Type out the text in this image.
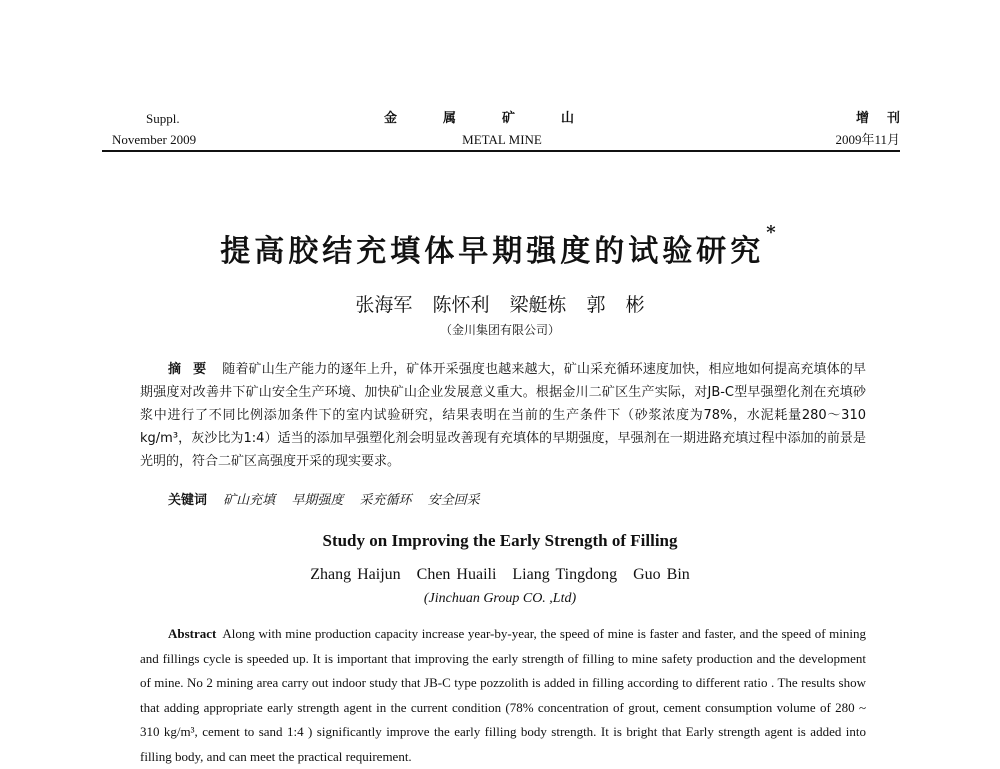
Suppl.
November 2009
金属矿山
METAL MINE
增刊
2009年11月
提高胶结充填体早期强度的试验研究*
张海军 陈怀利 梁艇栋 郭 彬
（金川集团有限公司）
摘要 随着矿山生产能力的逐年上升，矿体开采强度也越来越大，矿山采充循环速度加快，相应地如何提高充填体的早期强度对改善井下矿山安全生产环境、加快矿山企业发展意义重大。根据金川二矿区生产实际，对JB-C型早强塑化剂在充填砂浆中进行了不同比例添加条件下的室内试验研究，结果表明在当前的生产条件下（砂浆浓度为78%，水泥耗量280～310 kg/m³，灰沙比为1:4）适当的添加早强塑化剂会明显改善现有充填体的早期强度，早强剂在一期进路充填过程中添加的前景是光明的，符合二矿区高强度开采的现实要求。
关键词 矿山充填 早期强度 采充循环 安全回采
Study on Improving the Early Strength of Filling
Zhang Haijun Chen Huaili Liang Tingdong Guo Bin
(Jinchuan Group CO. ,Ltd)
Abstract Along with mine production capacity increase year-by-year, the speed of mine is faster and faster, and the speed of mining and fillings cycle is speeded up. It is important that improving the early strength of filling to mine safety production and the development of mine. No 2 mining area carry out indoor study that JB-C type pozzolith is added in filling according to different ratio . The results show that adding appropriate early strength agent in the current condition (78% concentration of grout, cement consumption volume of 280 ~ 310 kg/m³, cement to sand 1:4 ) significantly improve the early filling body strength. It is bright that Early strength agent is added into filling body, and can meet the practical requirement.
